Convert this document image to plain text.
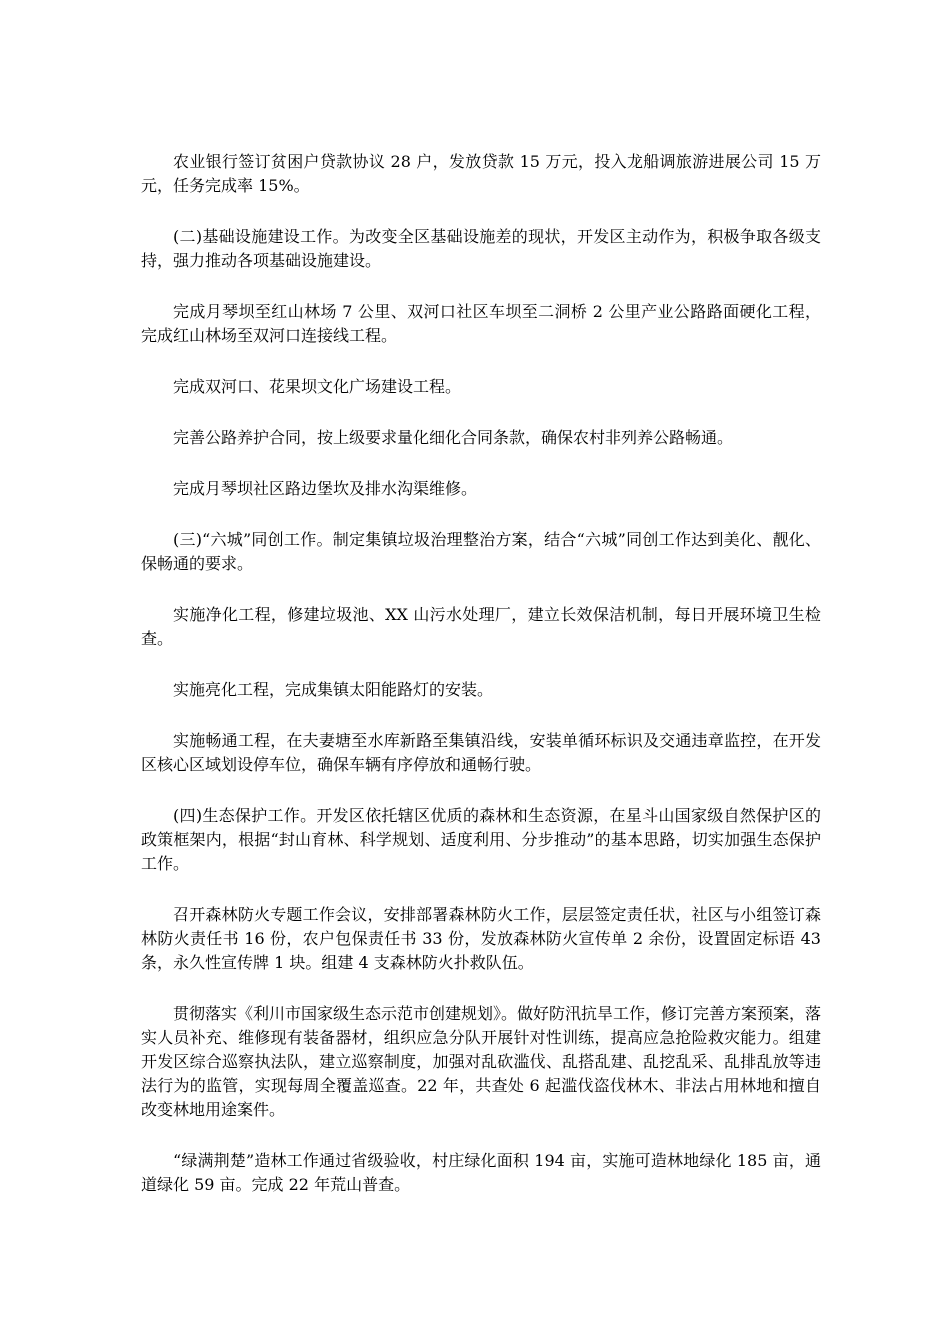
农业银行签订贫困户贷款协议 28 户，发放贷款 15 万元，投入龙船调旅游进展公司 15 万元，任务完成率 15%。

(二)基础设施建设工作。为改变全区基础设施差的现状，开发区主动作为，积极争取各级支持，强力推动各项基础设施建设。

完成月琴坝至红山林场 7 公里、双河口社区车坝至二洞桥 2 公里产业公路路面硬化工程，完成红山林场至双河口连接线工程。

完成双河口、花果坝文化广场建设工程。

完善公路养护合同，按上级要求量化细化合同条款，确保农村非列养公路畅通。

完成月琴坝社区路边堡坎及排水沟渠维修。

(三)“六城”同创工作。制定集镇垃圾治理整治方案，结合“六城”同创工作达到美化、靓化、保畅通的要求。

实施净化工程，修建垃圾池、XX 山污水处理厂，建立长效保洁机制，每日开展环境卫生检查。

实施亮化工程，完成集镇太阳能路灯的安装。

实施畅通工程，在夫妻塘至水库新路至集镇沿线，安装单循环标识及交通违章监控，在开发区核心区域划设停车位，确保车辆有序停放和通畅行驶。

(四)生态保护工作。开发区依托辖区优质的森林和生态资源，在星斗山国家级自然保护区的政策框架内，根据“封山育林、科学规划、适度利用、分步推动”的基本思路，切实加强生态保护工作。

召开森林防火专题工作会议，安排部署森林防火工作，层层签定责任状，社区与小组签订森林防火责任书 16 份，农户包保责任书 33 份，发放森林防火宣传单 2 余份，设置固定标语 43 条，永久性宣传牌 1 块。组建 4 支森林防火扑救队伍。

贯彻落实《利川市国家级生态示范市创建规划》。做好防汛抗旱工作，修订完善方案预案，落实人员补充、维修现有装备器材，组织应急分队开展针对性训练，提高应急抢险救灾能力。组建开发区综合巡察执法队，建立巡察制度，加强对乱砍滥伐、乱搭乱建、乱挖乱采、乱排乱放等违法行为的监管，实现每周全覆盖巡查。22 年，共查处 6 起滥伐盗伐林木、非法占用林地和擅自改变林地用途案件。

“绿满荆楚”造林工作通过省级验收，村庄绿化面积 194 亩，实施可造林地绿化 185 亩，通道绿化 59 亩。完成 22 年荒山普查。
